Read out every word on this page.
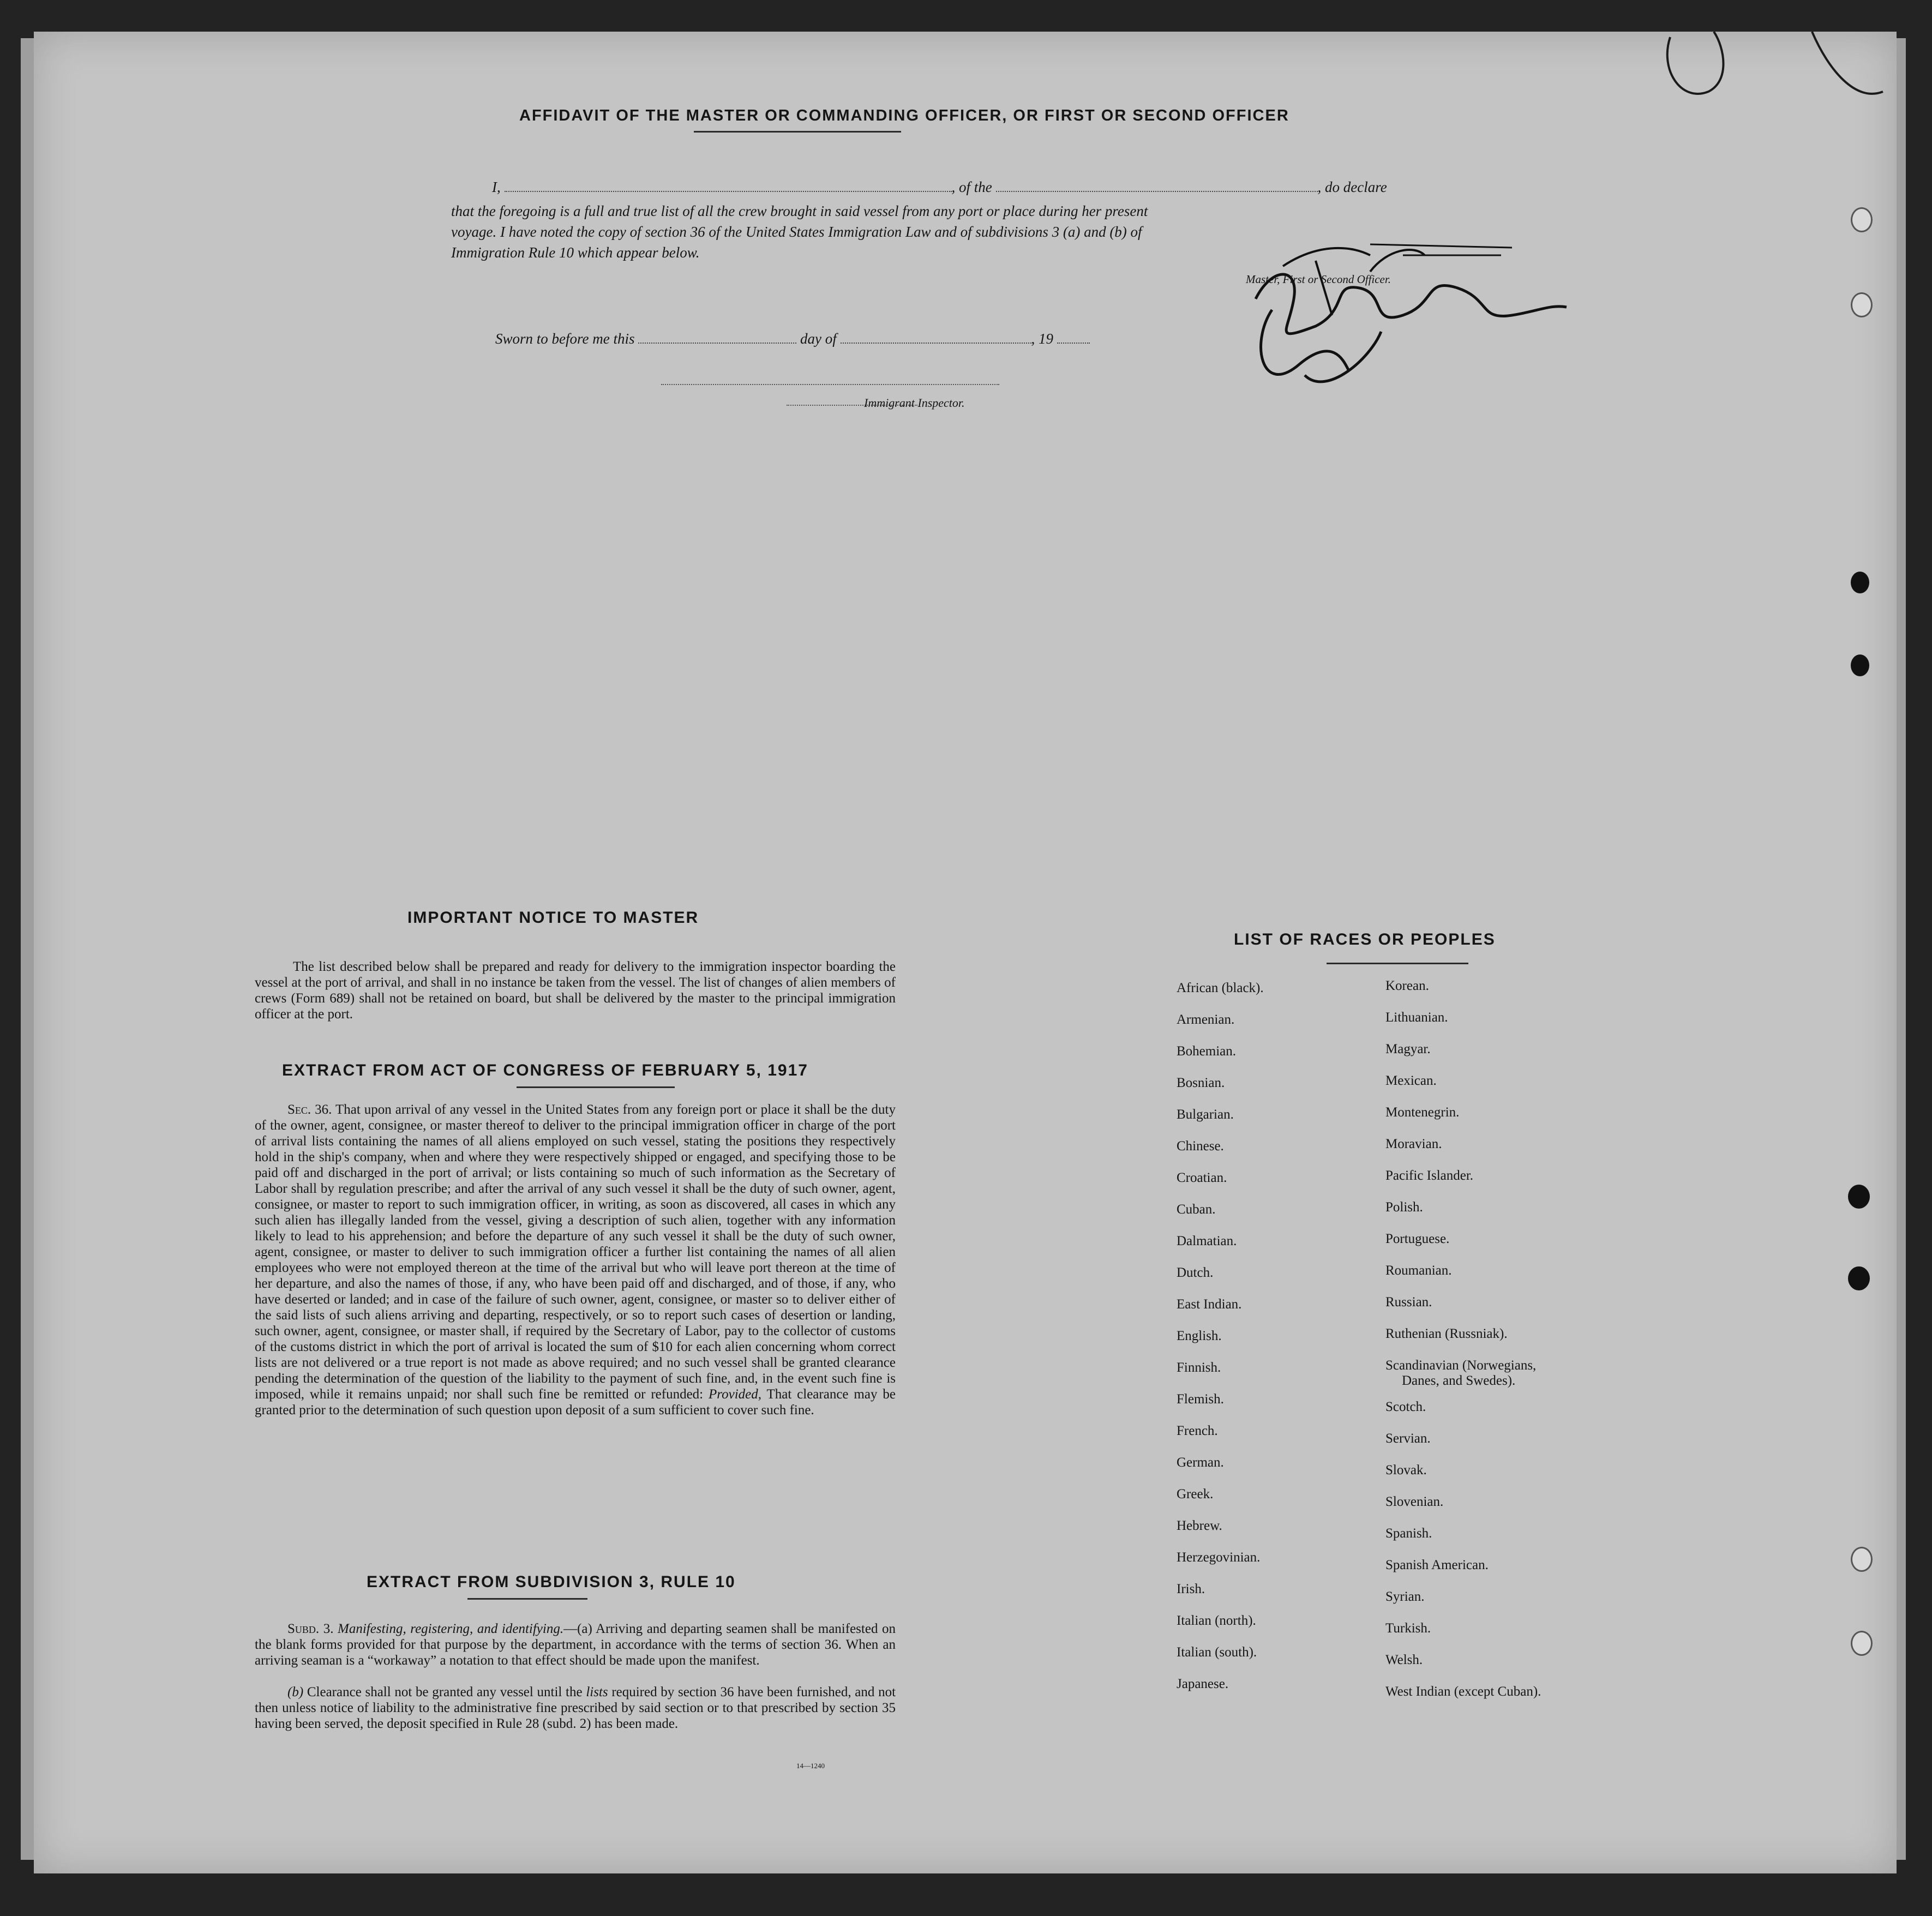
AFFIDAVIT OF THE MASTER OR COMMANDING OFFICER, OR FIRST OR SECOND OFFICER
I,	, of the	, do declare
that the foregoing is a full and true list of all the crew brought in said vessel from any port or place during her present
voyage. I have noted the copy of section 36 of the United States Immigration Law and of subdivisions 3 (a) and (b) of
Immigration Rule 10 which appear below.
Master, First or Second Officer.
Sworn to before me this	day of	, 19
Immigrant Inspector.
IMPORTANT NOTICE TO MASTER
The list described below shall be prepared and ready for delivery to the immigration inspector boarding the vessel at the port of arrival, and shall in no instance be taken from the vessel. The list of changes of alien members of crews (Form 689) shall not be retained on board, but shall be delivered by the master to the principal immigration officer at the port.
EXTRACT FROM ACT OF CONGRESS OF FEBRUARY 5, 1917
Sec. 36. That upon arrival of any vessel in the United States from any foreign port or place it shall be the duty of the owner, agent, consignee, or master thereof to deliver to the principal immigration officer in charge of the port of arrival lists containing the names of all aliens employed on such vessel, stating the positions they respectively hold in the ship's company, when and where they were respectively shipped or engaged, and specifying those to be paid off and discharged in the port of arrival; or lists containing so much of such information as the Secretary of Labor shall by regulation prescribe; and after the arrival of any such vessel it shall be the duty of such owner, agent, consignee, or master to report to such immigration officer, in writing, as soon as discovered, all cases in which any such alien has illegally landed from the vessel, giving a description of such alien, together with any information likely to lead to his apprehension; and before the departure of any such vessel it shall be the duty of such owner, agent, consignee, or master to deliver to such immigration officer a further list containing the names of all alien employees who were not employed thereon at the time of the arrival but who will leave port thereon at the time of her departure, and also the names of those, if any, who have been paid off and discharged, and of those, if any, who have deserted or landed; and in case of the failure of such owner, agent, consignee, or master so to deliver either of the said lists of such aliens arriving and departing, respectively, or so to report such cases of desertion or landing, such owner, agent, consignee, or master shall, if required by the Secretary of Labor, pay to the collector of customs of the customs district in which the port of arrival is located the sum of $10 for each alien concerning whom correct lists are not delivered or a true report is not made as above required; and no such vessel shall be granted clearance pending the determination of the question of the liability to the payment of such fine, and, in the event such fine is imposed, while it remains unpaid; nor shall such fine be remitted or refunded: Provided, That clearance may be granted prior to the determination of such question upon deposit of a sum sufficient to cover such fine.
EXTRACT FROM SUBDIVISION 3, RULE 10
Subd. 3. Manifesting, registering, and identifying.—(a) Arriving and departing seamen shall be manifested on the blank forms provided for that purpose by the department, in accordance with the terms of section 36. When an arriving seaman is a “workaway” a notation to that effect should be made upon the manifest.
(b) Clearance shall not be granted any vessel until the lists required by section 36 have been furnished, and not then unless notice of liability to the administrative fine prescribed by said section or to that prescribed by section 35 having been served, the deposit specified in Rule 28 (subd. 2) has been made.
14—1240
LIST OF RACES OR PEOPLES
African (black).
Armenian.
Bohemian.
Bosnian.
Bulgarian.
Chinese.
Croatian.
Cuban.
Dalmatian.
Dutch.
East Indian.
English.
Finnish.
Flemish.
French.
German.
Greek.
Hebrew.
Herzegovinian.
Irish.
Italian (north).
Italian (south).
Japanese.
Korean.
Lithuanian.
Magyar.
Mexican.
Montenegrin.
Moravian.
Pacific Islander.
Polish.
Portuguese.
Roumanian.
Russian.
Ruthenian (Russniak).
Scandinavian (Norwegians,
Danes, and Swedes).
Scotch.
Servian.
Slovak.
Slovenian.
Spanish.
Spanish American.
Syrian.
Turkish.
Welsh.
West Indian (except Cuban).
